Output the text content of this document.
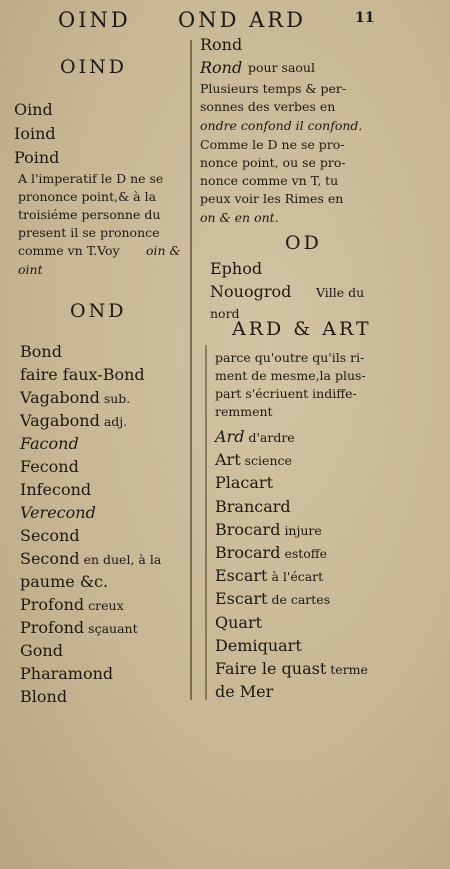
OIND OND ARD	11
OIND
Oind
Ioind
Poind
A l'imperatif le D ne se
prononce point,& à la
troisiéme personne du
present il se prononce
comme vn T.Voy oin &
oint
OND
Bond
faire faux-Bond
Vagabond sub.
Vagabond adj.
Facond
Fecond
Infecond
Verecond
Second
Second en duel, à la
paume &c.
Profond creux
Profond sçauant
Gond
Pharamond
Blond
Rond
Rond pour saoul
Plusieurs temps & per-
sonnes des verbes en
ondre confond il confond.
Comme le D ne se pro-
nonce point, ou se pro-
nonce comme vn T, tu
peux voir les Rimes en
on & en ont.
OD
Ephod
Nouogrod Ville du
nord
ARD & ART
parce qu'outre qu'ils ri-
ment de mesme,la plus-
part s'écriuent indiffe-
remment
Ard d'ardre
Art science
Placart
Brancard
Brocard injure
Brocard estoffe
Escart à l'écart
Escart de cartes
Quart
Demiquart
Faire le quast terme
de Mer
